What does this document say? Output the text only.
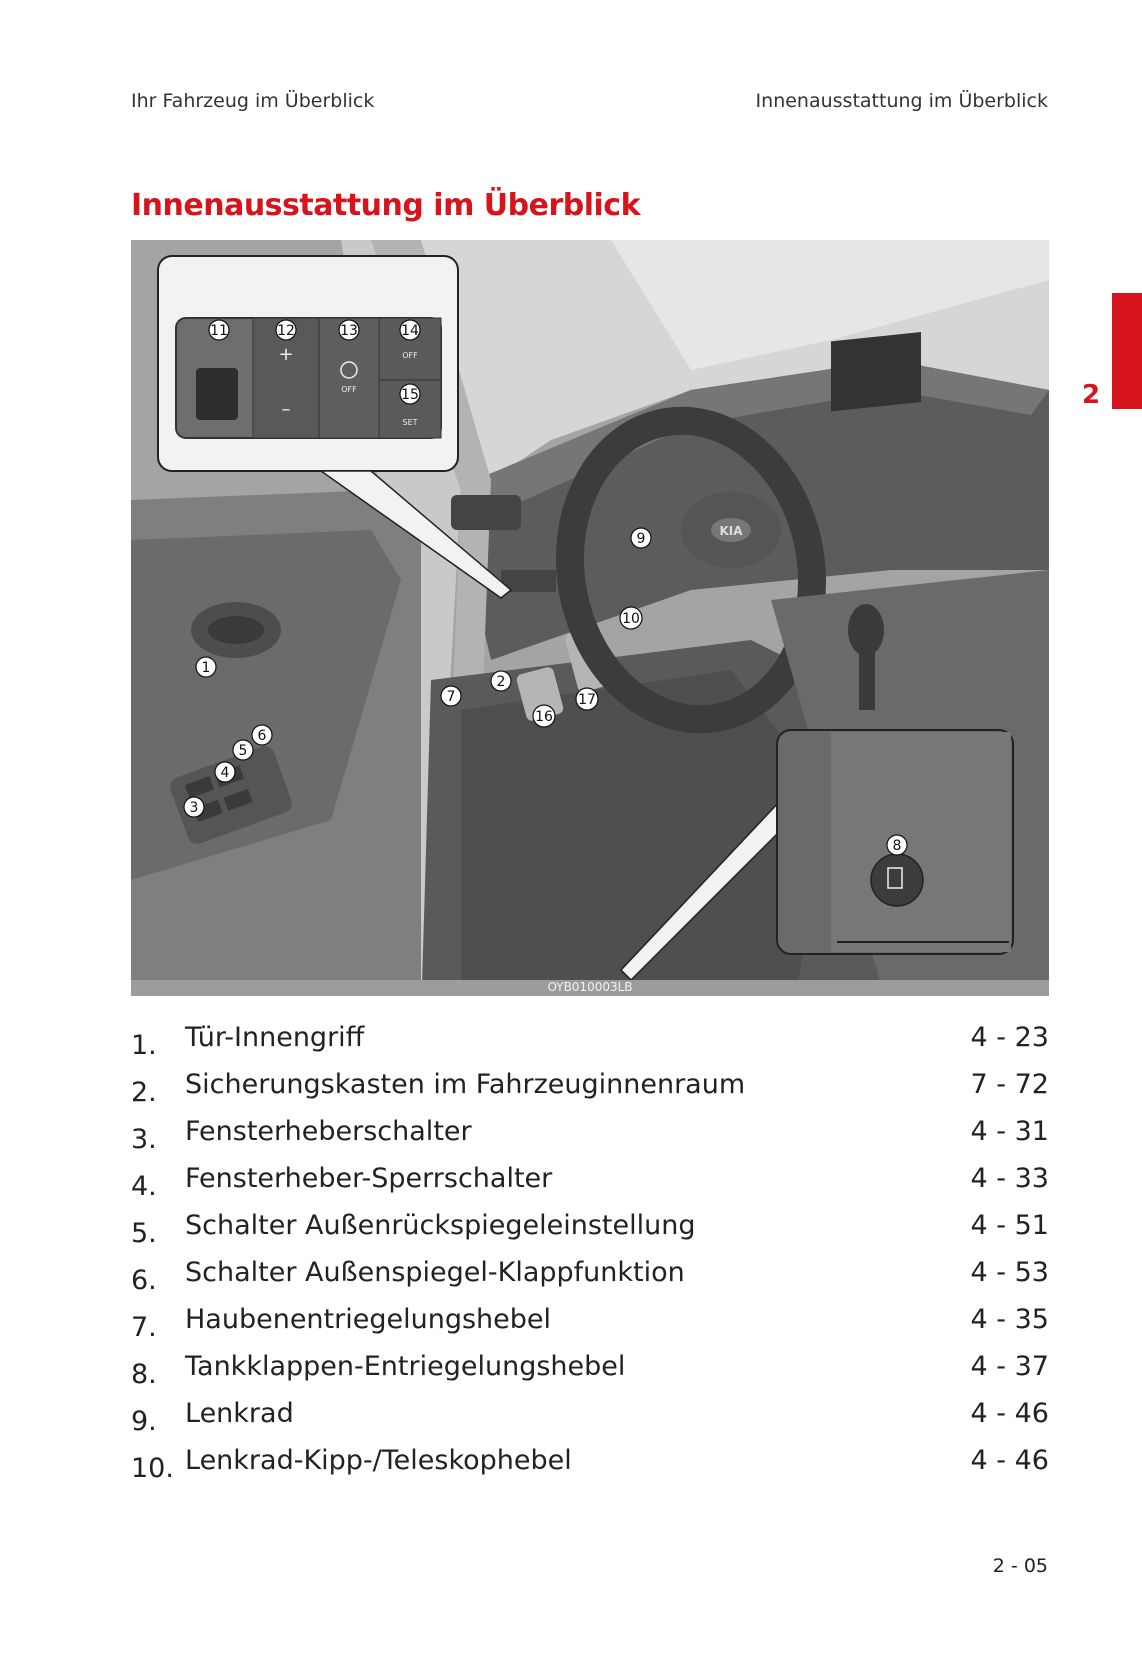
Ihr Fahrzeug im Überblick	Innenausstattung im Überblick
2
Innenausstattung im Überblick
KIA
+
–
OFF
OFF
SET
11	12	13	14
15
8
1
2
3
4
5
6
7
9
10
16
17
OYB010003LB
1. Tür-Innengriff	4 - 23
2. Sicherungskasten im Fahrzeuginnenraum	7 - 72
3. Fensterheberschalter	4 - 31
4. Fensterheber-Sperrschalter	4 - 33
5. Schalter Außenrückspiegeleinstellung	4 - 51
6. Schalter Außenspiegel-Klappfunktion	4 - 53
7. Haubenentriegelungshebel	4 - 35
8. Tankklappen-Entriegelungshebel	4 - 37
9. Lenkrad	4 - 46
10. Lenkrad-Kipp-/Teleskophebel	4 - 46
2 - 05
